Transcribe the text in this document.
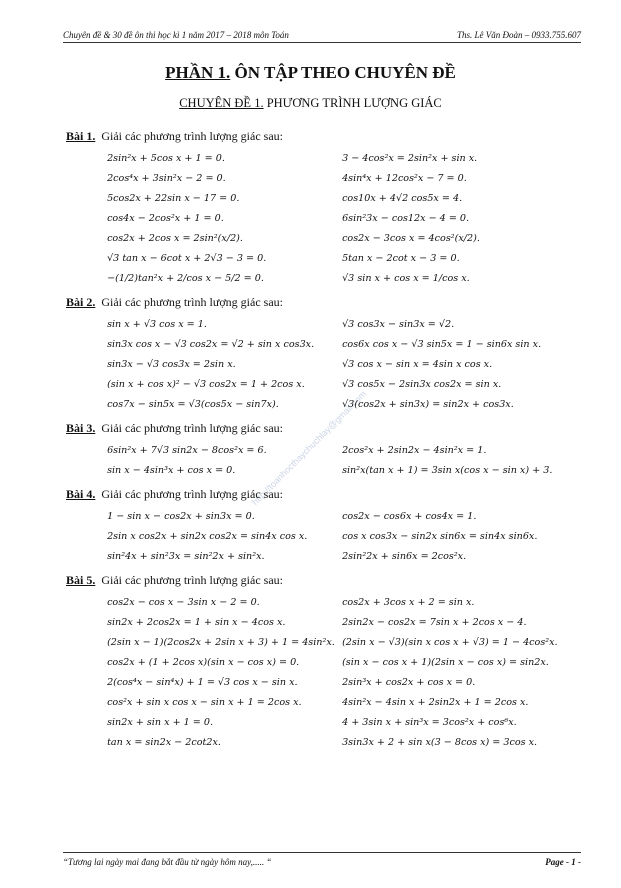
Chuyên đề & 30 đề ôn thi học kì 1 năm 2017 – 2018 môn Toán	Ths. Lê Văn Đoàn – 0933.755.607
PHẦN 1. ÔN TẬP THEO CHUYÊN ĐỀ
CHUYÊN ĐỀ 1. PHƯƠNG TRÌNH LƯỢNG GIÁC
http://toanhocthaychuchlay@gmail.com
Bài 1. Giải các phương trình lượng giác sau:
2sin²x + 5cos x + 1 = 0.	3 − 4cos²x = 2sin²x + sin x.
2cos⁴x + 3sin²x − 2 = 0.	4sin⁴x + 12cos²x − 7 = 0.
5cos2x + 22sin x − 17 = 0.	cos10x + 4√2 cos5x = 4.
cos4x − 2cos²x + 1 = 0.	6sin²3x − cos12x − 4 = 0.
cos2x + 2cos x = 2sin²(x/2).	cos2x − 3cos x = 4cos²(x/2).
√3 tan x − 6cot x + 2√3 − 3 = 0.	5tan x − 2cot x − 3 = 0.
−(1/2)tan²x + 2/cos x − 5/2 = 0.	√3 sin x + cos x = 1/cos x.
Bài 2. Giải các phương trình lượng giác sau:
sin x + √3 cos x = 1.	√3 cos3x − sin3x = √2.
sin3x cos x − √3 cos2x = √2 + sin x cos3x.	cos6x cos x − √3 sin5x = 1 − sin6x sin x.
sin3x − √3 cos3x = 2sin x.	√3 cos x − sin x = 4sin x cos x.
(sin x + cos x)² − √3 cos2x = 1 + 2cos x.	√3 cos5x − 2sin3x cos2x = sin x.
cos7x − sin5x = √3(cos5x − sin7x).	√3(cos2x + sin3x) = sin2x + cos3x.
Bài 3. Giải các phương trình lượng giác sau:
6sin²x + 7√3 sin2x − 8cos²x = 6.	2cos²x + 2sin2x − 4sin²x = 1.
sin x − 4sin³x + cos x = 0.	sin²x(tan x + 1) = 3sin x(cos x − sin x) + 3.
Bài 4. Giải các phương trình lượng giác sau:
1 − sin x − cos2x + sin3x = 0.	cos2x − cos6x + cos4x = 1.
2sin x cos2x + sin2x cos2x = sin4x cos x.	cos x cos3x − sin2x sin6x = sin4x sin6x.
sin²4x + sin²3x = sin²2x + sin²x.	2sin²2x + sin6x = 2cos²x.
Bài 5. Giải các phương trình lượng giác sau:
cos2x − cos x − 3sin x − 2 = 0.	cos2x + 3cos x + 2 = sin x.
sin2x + 2cos2x = 1 + sin x − 4cos x.	2sin2x − cos2x = 7sin x + 2cos x − 4.
(2sin x − 1)(2cos2x + 2sin x + 3) + 1 = 4sin²x. (2sin x − √3)(sin x cos x + √3) = 1 − 4cos²x.
cos2x + (1 + 2cos x)(sin x − cos x) = 0.	(sin x − cos x + 1)(2sin x − cos x) = sin2x.
2(cos⁴x − sin⁴x) + 1 = √3 cos x − sin x.	2sin³x + cos2x + cos x = 0.
cos²x + sin x cos x − sin x + 1 = 2cos x.	4sin²x − 4sin x + 2sin2x + 1 = 2cos x.
sin2x + sin x + 1 = 0.	4 + 3sin x + sin³x = 3cos²x + cos⁶x.
tan x = sin2x − 2cot2x.	3sin3x + 2 + sin x(3 − 8cos x) = 3cos x.
“Tương lai ngày mai đang bắt đầu từ ngày hôm nay,..... “	Page - 1 -
